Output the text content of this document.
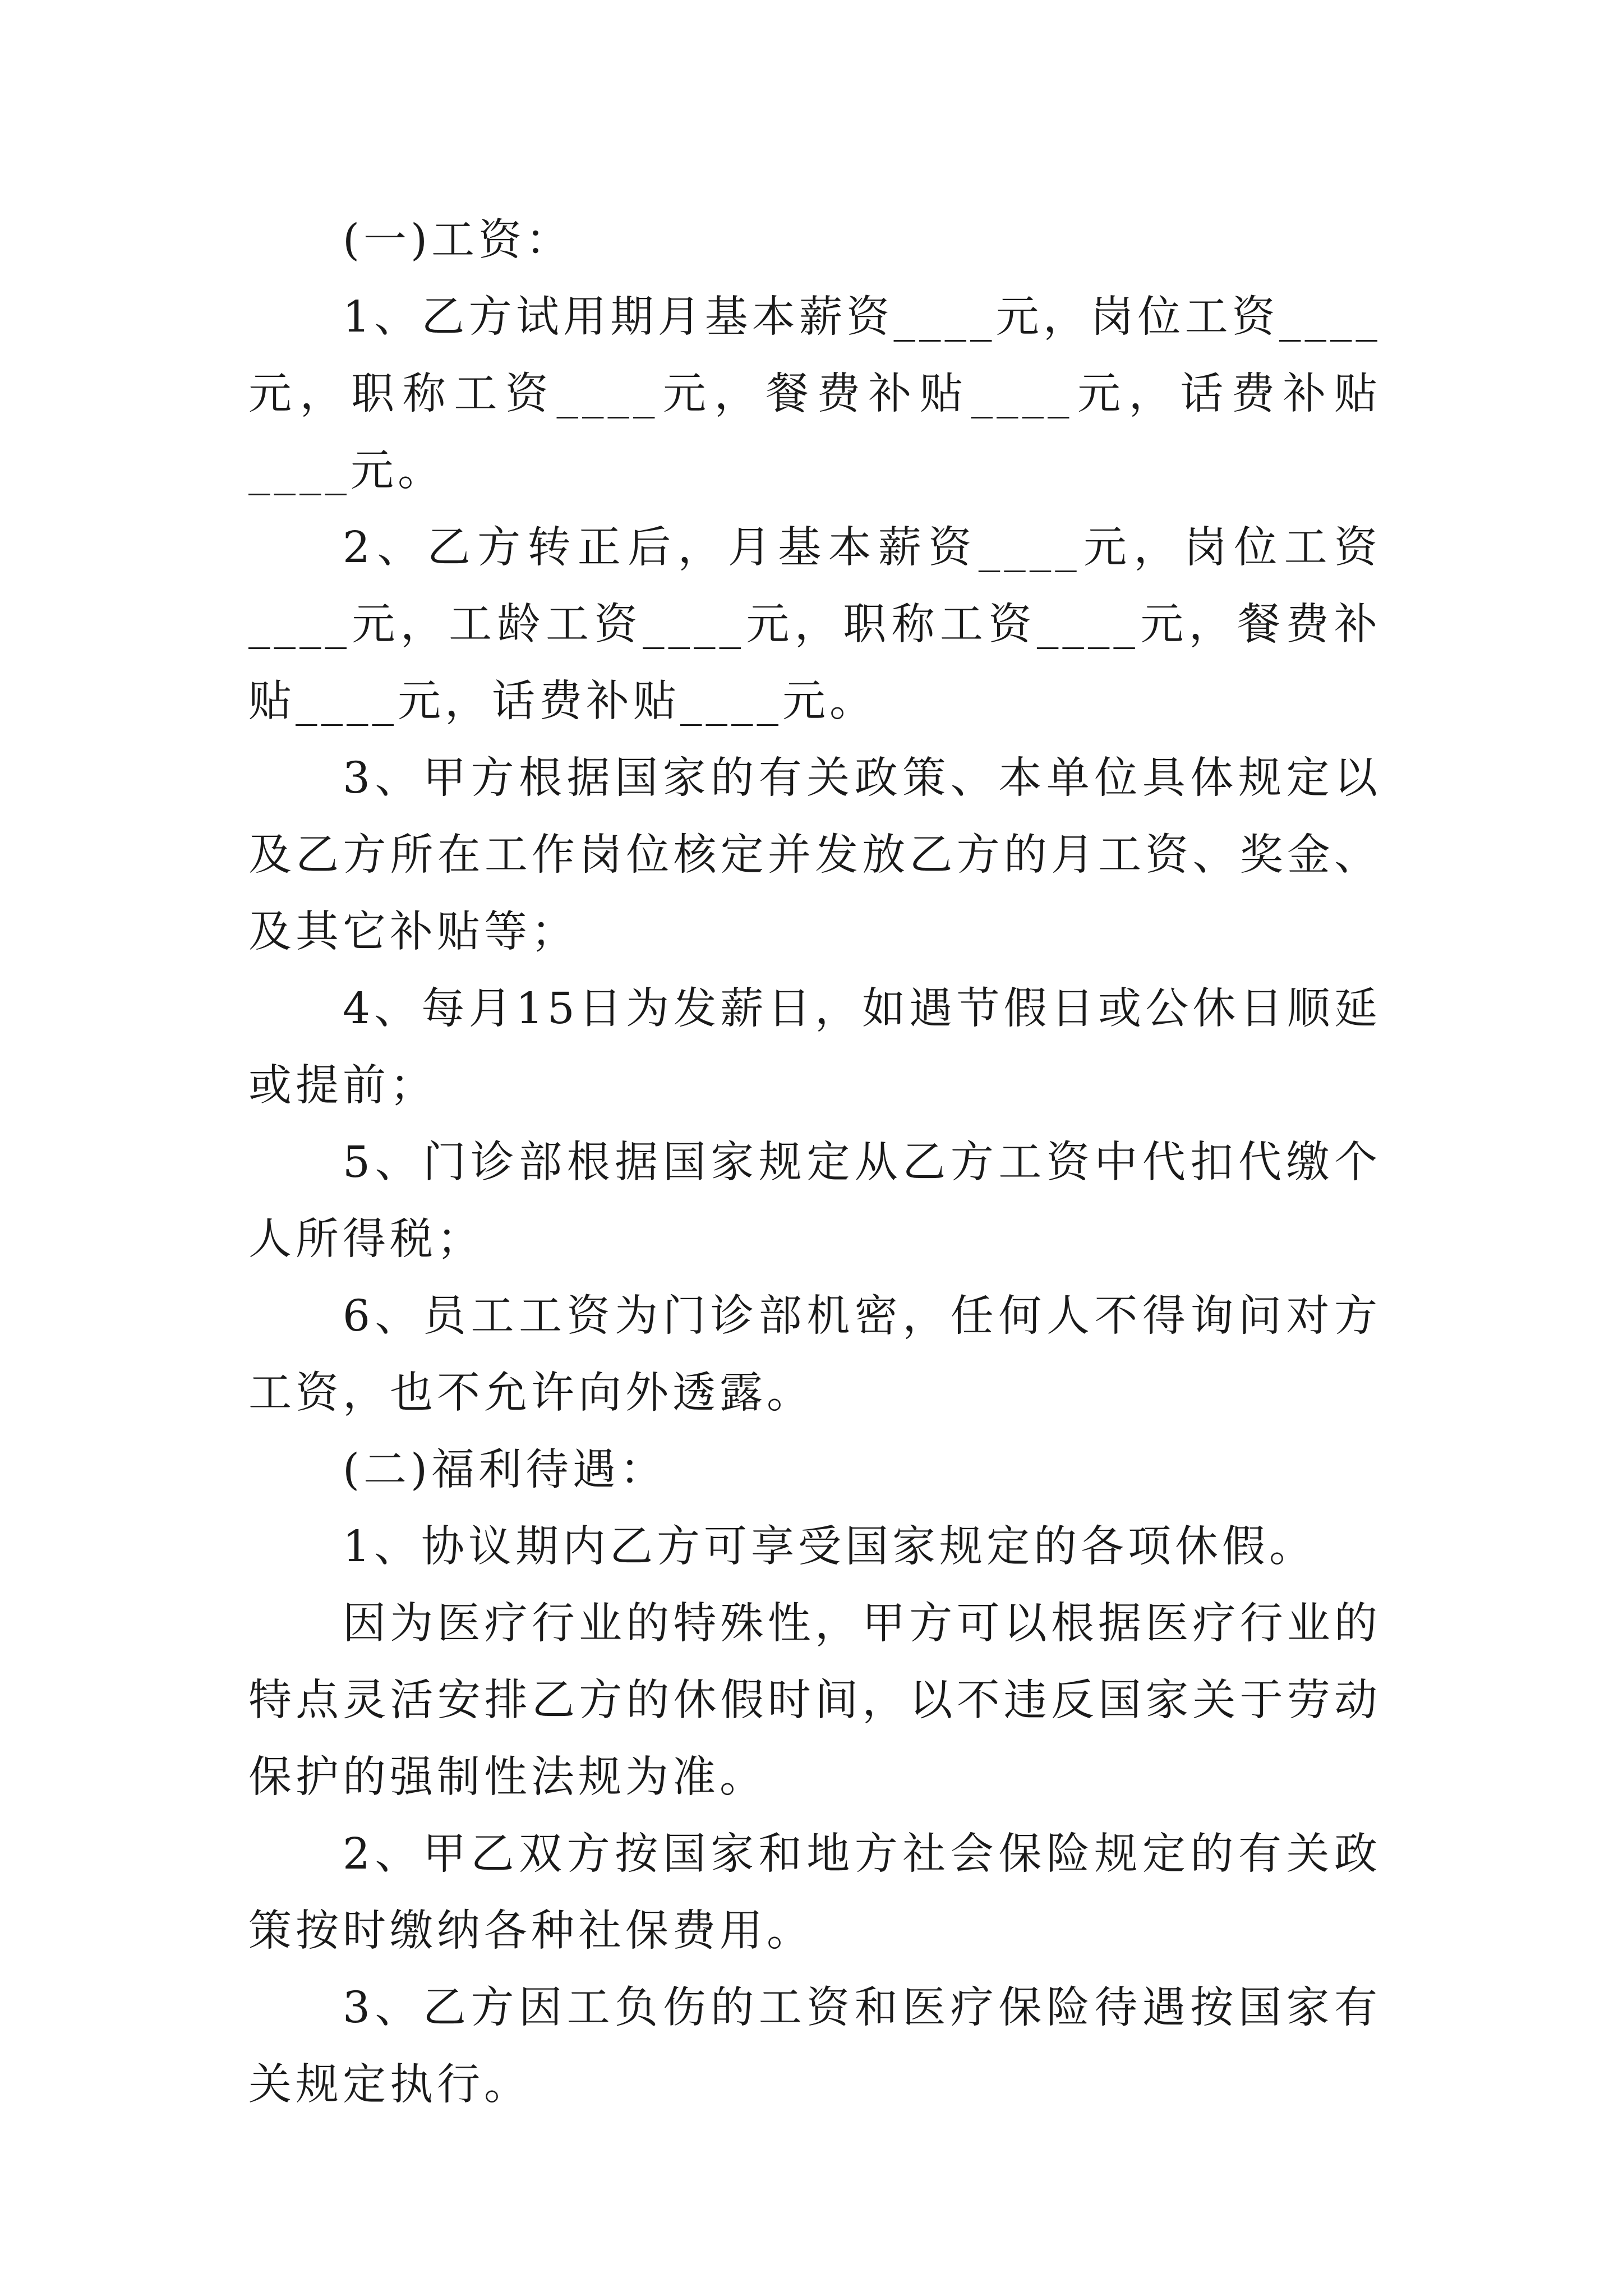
(一)工资：

1、乙方试用期月基本薪资____元，岗位工资____元，职称工资____元，餐费补贴____元，话费补贴____元。

2、乙方转正后，月基本薪资____元，岗位工资____元，工龄工资____元，职称工资____元，餐费补贴____元，话费补贴____元。

3、甲方根据国家的有关政策、本单位具体规定以及乙方所在工作岗位核定并发放乙方的月工资、奖金、及其它补贴等；

4、每月15日为发薪日，如遇节假日或公休日顺延或提前；

5、门诊部根据国家规定从乙方工资中代扣代缴个人所得税；

6、员工工资为门诊部机密，任何人不得询问对方工资，也不允许向外透露。

(二)福利待遇：

1、协议期内乙方可享受国家规定的各项休假。

因为医疗行业的特殊性，甲方可以根据医疗行业的特点灵活安排乙方的休假时间，以不违反国家关于劳动保护的强制性法规为准。

2、甲乙双方按国家和地方社会保险规定的有关政策按时缴纳各种社保费用。

3、乙方因工负伤的工资和医疗保险待遇按国家有关规定执行。
